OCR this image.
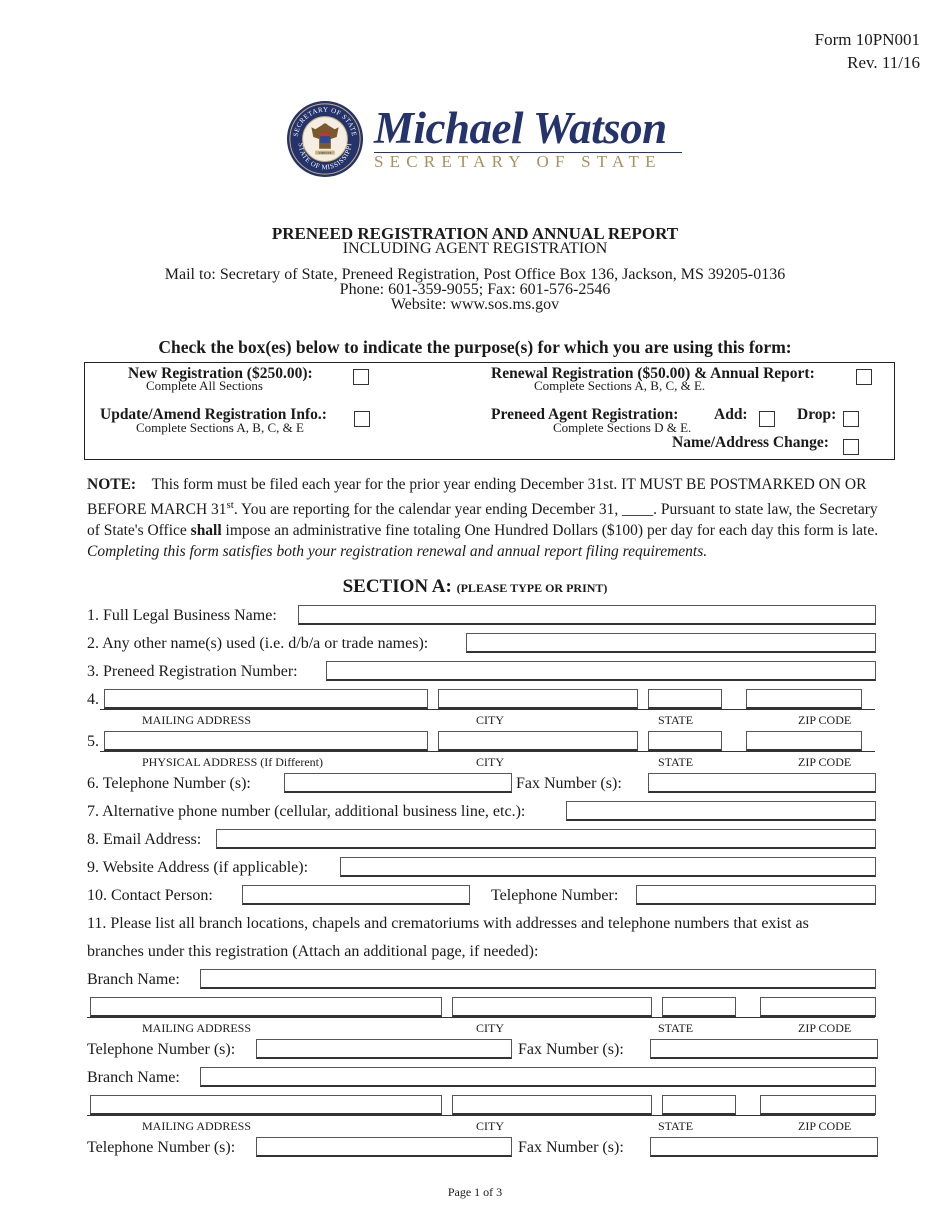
Form 10PN001
Rev. 11/16
SECRETARY OF STATE
STATE OF MISSISSIPPI
VIRTUTE Michael Watson
SECRETARY OF STATE
PRENEED REGISTRATION AND ANNUAL REPORT
INCLUDING AGENT REGISTRATION
Mail to: Secretary of State, Preneed Registration, Post Office Box 136, Jackson, MS 39205-0136
Phone: 601-359-9055; Fax: 601-576-2546
Website: www.sos.ms.gov
Check the box(es) below to indicate the purpose(s) for which you are using this form:
New Registration ($250.00):
Complete All Sections
Renewal Registration ($50.00) & Annual Report:
Complete Sections A, B, C, & E.
Update/Amend Registration Info.:
Complete Sections A, B, C, & E
Preneed Agent Registration:
Complete Sections D & E.
Add:	Drop:
Name/Address Change:
NOTE: This form must be filed each year for the prior year ending December 31st. IT MUST BE POSTMARKED ON OR BEFORE MARCH 31st. You are reporting for the calendar year ending December 31, ____. Pursuant to state law, the Secretary of State's Office shall impose an administrative fine totaling One Hundred Dollars ($100) per day for each day this form is late. Completing this form satisfies both your registration renewal and annual report filing requirements.
SECTION A: (PLEASE TYPE OR PRINT)
1. Full Legal Business Name:
2. Any other name(s) used (i.e. d/b/a or trade names):
3. Preneed Registration Number:
4.
MAILING ADDRESS	CITY	STATE	ZIP CODE
5.
PHYSICAL ADDRESS (If Different)	CITY	STATE	ZIP CODE
6. Telephone Number (s):	Fax Number (s):
7. Alternative phone number (cellular, additional business line, etc.):
8. Email Address:
9. Website Address (if applicable):
10. Contact Person:	Telephone Number:
11. Please list all branch locations, chapels and crematoriums with addresses and telephone numbers that exist as
branches under this registration (Attach an additional page, if needed):
Branch Name:
MAILING ADDRESS	CITY	STATE	ZIP CODE
Telephone Number (s):	Fax Number (s):
Branch Name:
MAILING ADDRESS	CITY	STATE	ZIP CODE
Telephone Number (s):	Fax Number (s):
Page 1 of 3
